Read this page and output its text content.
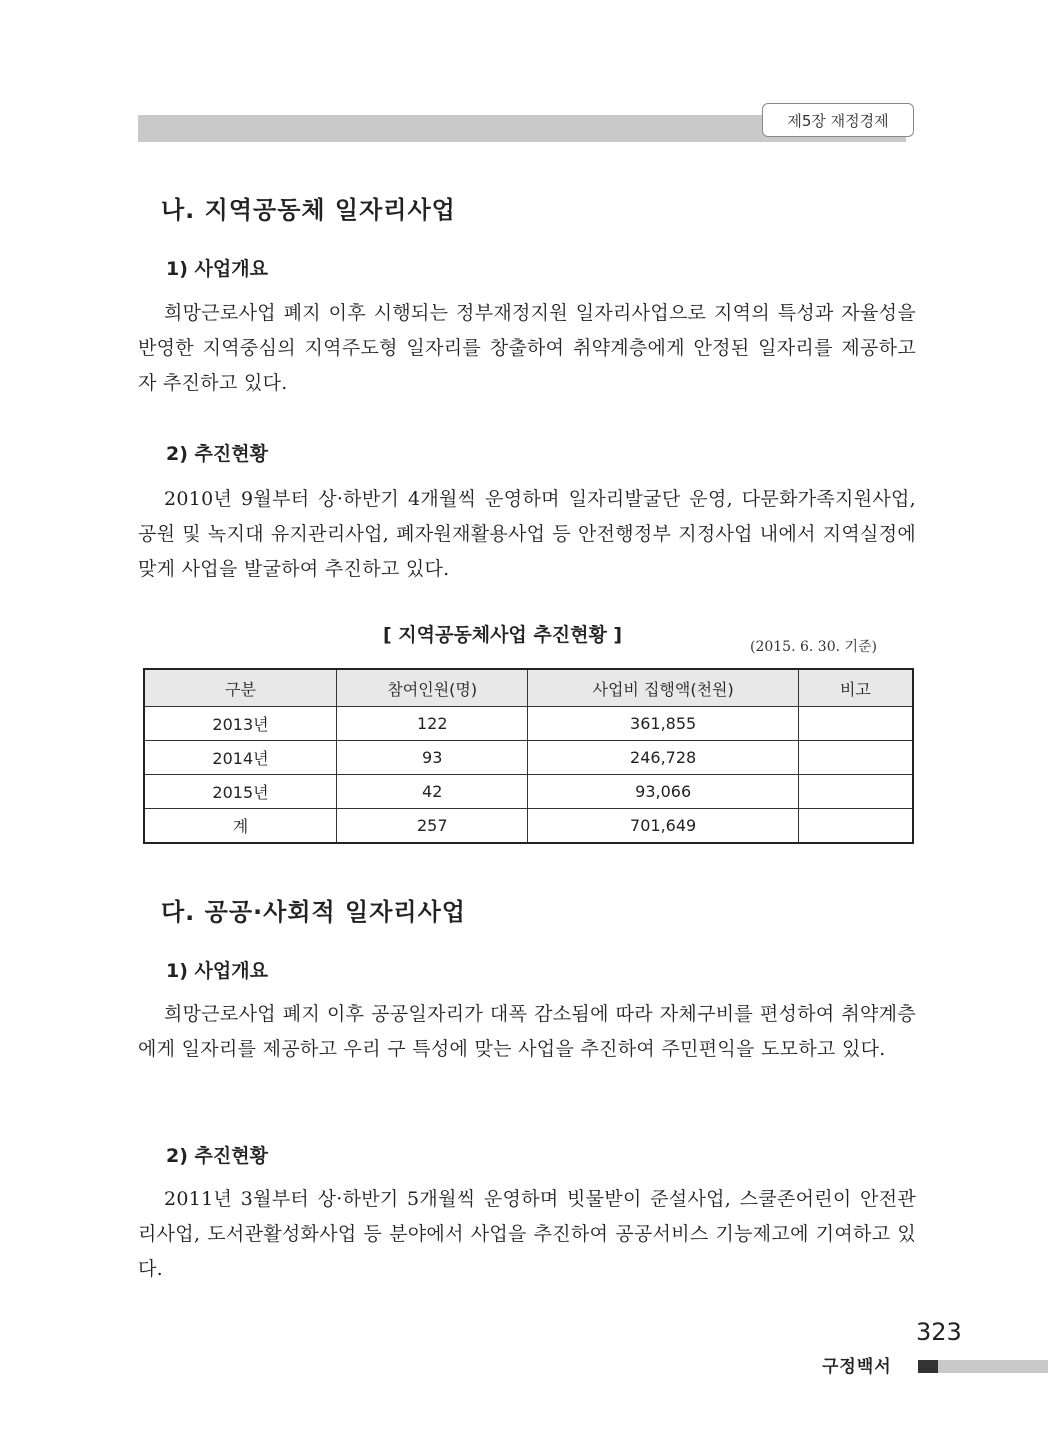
제5장 재정경제
나. 지역공동체 일자리사업
1) 사업개요

희망근로사업 폐지 이후 시행되는 정부재정지원 일자리사업으로 지역의 특성과 자율성을 반영한 지역중심의 지역주도형 일자리를 창출하여 취약계층에게 안정된 일자리를 제공하고자 추진하고 있다.

2) 추진현황

2010년 9월부터 상·하반기 4개월씩 운영하며 일자리발굴단 운영, 다문화가족지원사업, 공원 및 녹지대 유지관리사업, 폐자원재활용사업 등 안전행정부 지정사업 내에서 지역실정에 맞게 사업을 발굴하여 추진하고 있다.

[ 지역공동체사업 추진현황 ]
(2015. 6. 30. 기준)
구분	참여인원(명)	사업비 집행액(천원)	비고
2013년	122	361,855	
2014년	93	246,728	
2015년	42	93,066	
계	257	701,649	
다. 공공·사회적 일자리사업
1) 사업개요

희망근로사업 폐지 이후 공공일자리가 대폭 감소됨에 따라 자체구비를 편성하여 취약계층에게 일자리를 제공하고 우리 구 특성에 맞는 사업을 추진하여 주민편익을 도모하고 있다.

2) 추진현황

2011년 3월부터 상·하반기 5개월씩 운영하며 빗물받이 준설사업, 스쿨존어린이 안전관리사업, 도서관활성화사업 등 분야에서 사업을 추진하여 공공서비스 기능제고에 기여하고 있다.

323
구정백서
